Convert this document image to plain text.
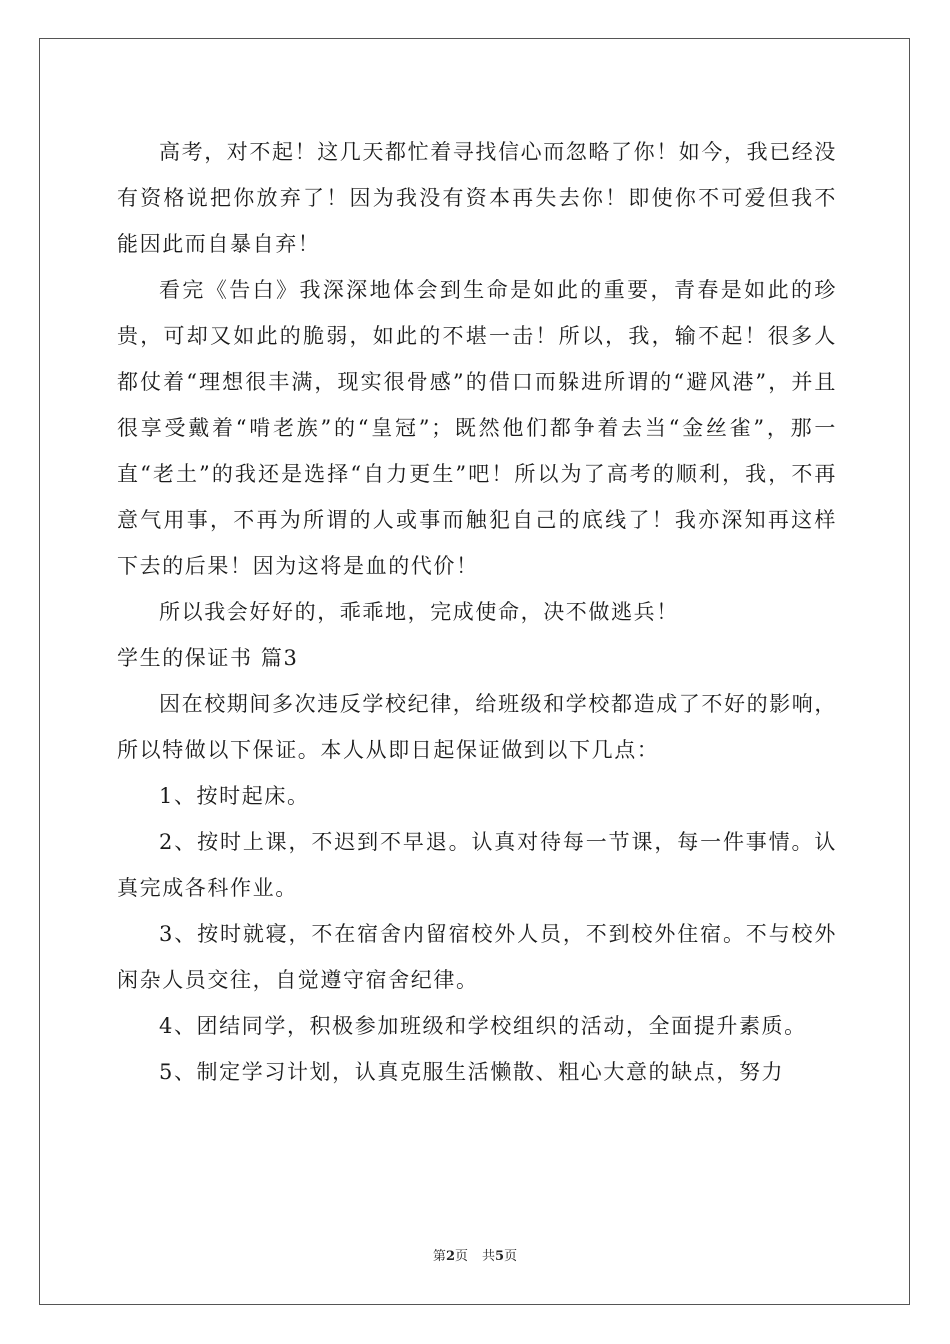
高考，对不起！这几天都忙着寻找信心而忽略了你！如今，我已经没有资格说把你放弃了！因为我没有资本再失去你！即使你不可爱但我不能因此而自暴自弃！

看完《告白》我深深地体会到生命是如此的重要，青春是如此的珍贵，可却又如此的脆弱，如此的不堪一击！所以，我，输不起！很多人都仗着“理想很丰满，现实很骨感”的借口而躲进所谓的“避风港”，并且很享受戴着“啃老族”的“皇冠”；既然他们都争着去当“金丝雀”，那一直“老土”的我还是选择“自力更生”吧！所以为了高考的顺利，我，不再意气用事，不再为所谓的人或事而触犯自己的底线了！我亦深知再这样下去的后果！因为这将是血的代价！

所以我会好好的，乖乖地，完成使命，决不做逃兵！

学生的保证书 篇3

因在校期间多次违反学校纪律，给班级和学校都造成了不好的影响，所以特做以下保证。本人从即日起保证做到以下几点：

1、按时起床。

2、按时上课，不迟到不早退。认真对待每一节课，每一件事情。认真完成各科作业。

3、按时就寝，不在宿舍内留宿校外人员，不到校外住宿。不与校外闲杂人员交往，自觉遵守宿舍纪律。

4、团结同学，积极参加班级和学校组织的活动，全面提升素质。

5、制定学习计划，认真克服生活懒散、粗心大意的缺点，努力

第2页 共5页
